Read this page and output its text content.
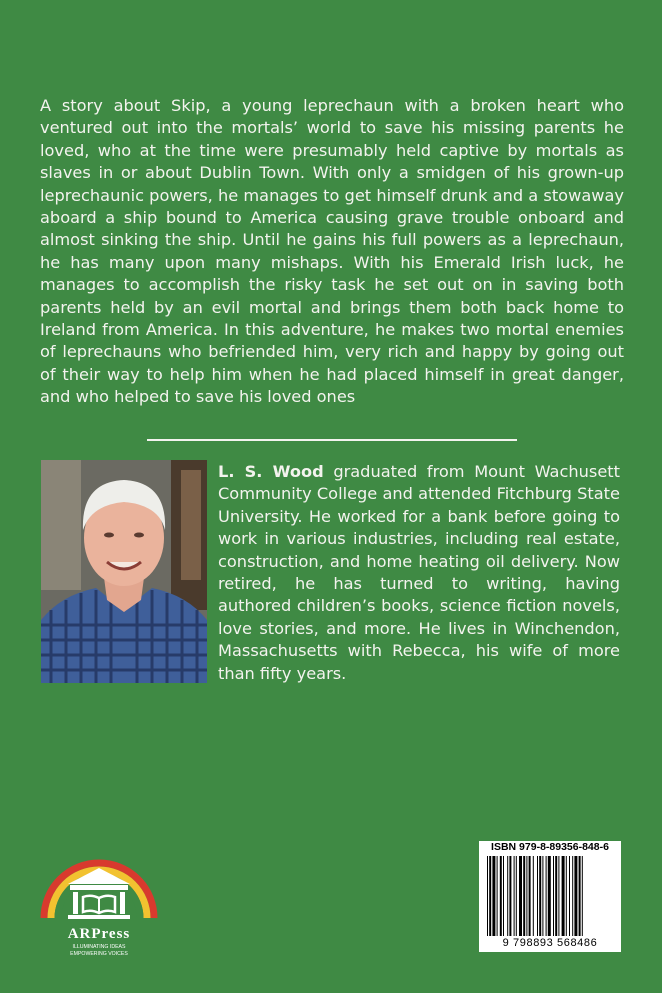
A story about Skip, a young leprechaun with a broken heart who ventured out into the mortals’ world to save his missing parents he loved, who at the time were presumably held captive by mortals as slaves in or about Dublin Town. With only a smidgen of his grown-up leprechaunic powers, he manages to get himself drunk and a stowaway aboard a ship bound to America causing grave trouble onboard and almost sinking the ship. Until he gains his full powers as a leprechaun, he has many upon many mishaps. With his Emerald Irish luck, he manages to accomplish the risky task he set out on in saving both parents held by an evil mortal and brings them both back home to Ireland from America. In this adventure, he makes two mortal enemies of leprechauns who befriended him, very rich and happy by going out of their way to help him when he had placed himself in great danger, and who helped to save his loved ones

L. S. Wood graduated from Mount Wachusett Community College and attended Fitchburg State University. He worked for a bank before going to work in various industries, including real estate, construction, and home heating oil delivery. Now retired, he has turned to writing, having authored children’s books, science fiction novels, love stories, and more. He lives in Winchendon, Massachusetts with Rebecca, his wife of more than fifty years.

ARPress
ILLUMINATING IDEAS
EMPOWERING VOICES
ISBN 979-8-89356-848-6
9 798893 568486
